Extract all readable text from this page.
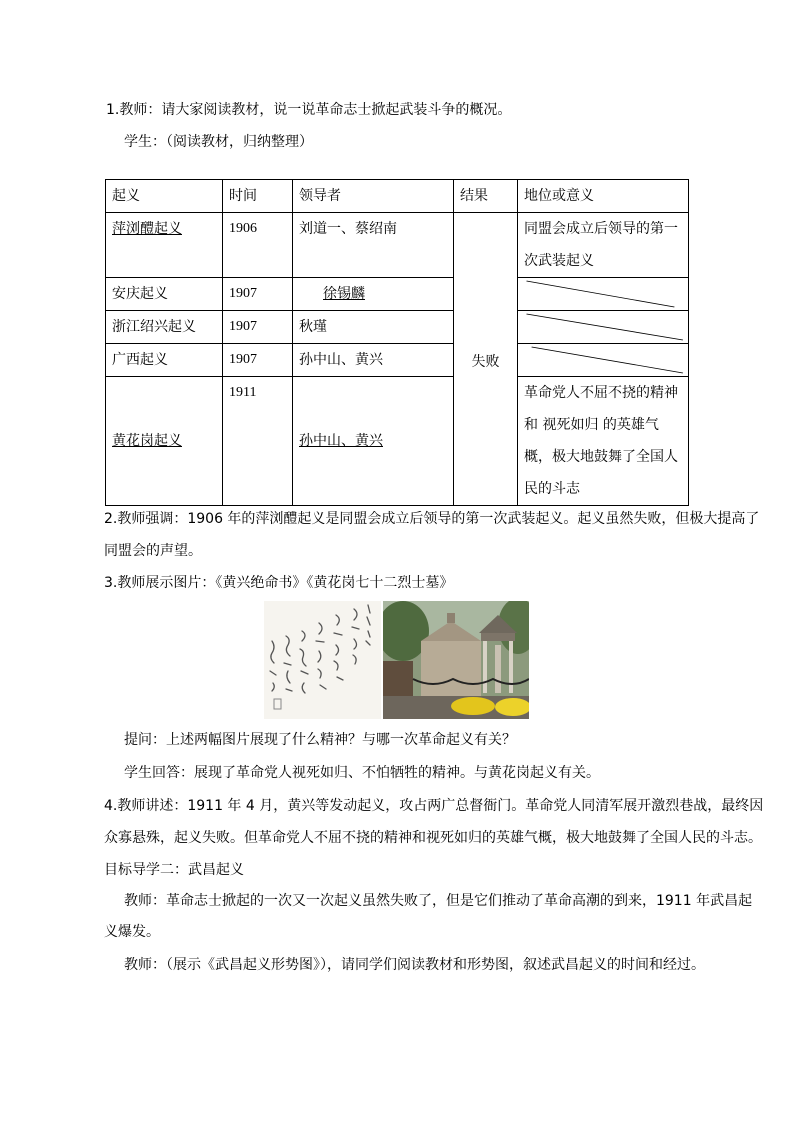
1.教师：请大家阅读教材，说一说革命志士掀起武装斗争的概况。
学生：（阅读教材，归纳整理）
起义	时间	领导者	结果	地位或意义
萍浏醴起义	1906	刘道一、蔡绍南	失败	同盟会成立后领导的第一次武装起义
安庆起义	1907	徐锡麟	

浙江绍兴起义	1907	秋瑾	

广西起义	1907	孙中山、黄兴	

黄花岗起义	1911	孙中山、黄兴		革命党人不屈不挠的精神和 视死如归 的英雄气概，极大地鼓舞了全国人民的斗志
2.教师强调：1906 年的萍浏醴起义是同盟会成立后领导的第一次武装起义。起义虽然失败，但极大提高了
同盟会的声望。
3.教师展示图片：《黄兴绝命书》《黄花岗七十二烈士墓》
提问：上述两幅图片展现了什么精神？与哪一次革命起义有关？
学生回答：展现了革命党人视死如归、不怕牺牲的精神。与黄花岗起义有关。
4.教师讲述：1911 年 4 月，黄兴等发动起义，攻占两广总督衙门。革命党人同清军展开激烈巷战，最终因
众寡悬殊，起义失败。但革命党人不屈不挠的精神和视死如归的英雄气概，极大地鼓舞了全国人民的斗志。
目标导学二：武昌起义
教师：革命志士掀起的一次又一次起义虽然失败了，但是它们推动了革命高潮的到来，1911 年武昌起
义爆发。
教师：（展示《武昌起义形势图》），请同学们阅读教材和形势图，叙述武昌起义的时间和经过。
